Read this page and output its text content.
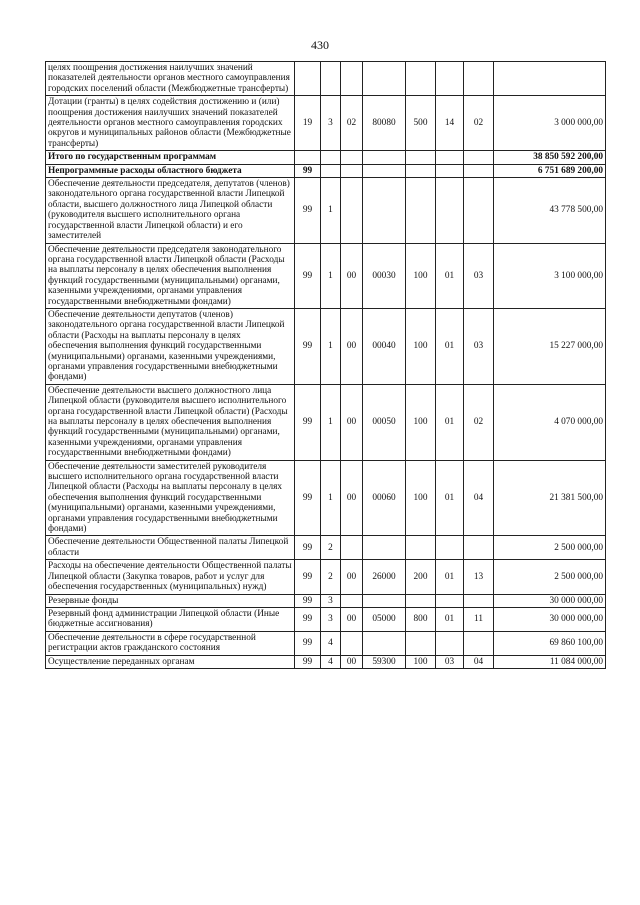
430
целях поощрения достижения наилучших значений показателей деятельности органов местного самоуправления городских поселений области (Межбюджетные трансферты)								
Дотации (гранты) в целях содействия достижению и (или) поощрения достижения наилучших значений показателей деятельности органов местного самоуправления городских округов и муниципальных районов области (Межбюджетные трансферты)	19	3	02	80080	500	14	02	3 000 000,00
Итого по государственным программам								38 850 592 200,00
Непрограммные расходы областного бюджета	99							6 751 689 200,00
Обеспечение деятельности председателя, депутатов (членов) законодательного органа государственной власти Липецкой области, высшего должностного лица Липецкой области (руководителя высшего исполнительного органа государственной власти Липецкой области) и его заместителей	99	1						43 778 500,00
Обеспечение деятельности председателя законодательного органа государственной власти Липецкой области (Расходы на выплаты персоналу в целях обеспечения выполнения функций государственными (муниципальными) органами, казенными учреждениями, органами управления государственными внебюджетными фондами)	99	1	00	00030	100	01	03	3 100 000,00
Обеспечение деятельности депутатов (членов) законодательного органа государственной власти Липецкой области (Расходы на выплаты персоналу в целях обеспечения выполнения функций государственными (муниципальными) органами, казенными учреждениями, органами управления государственными внебюджетными фондами)	99	1	00	00040	100	01	03	15 227 000,00
Обеспечение деятельности высшего должностного лица Липецкой области (руководителя высшего исполнительного органа государственной власти Липецкой области) (Расходы на выплаты персоналу в целях обеспечения выполнения функций государственными (муниципальными) органами, казенными учреждениями, органами управления государственными внебюджетными фондами)	99	1	00	00050	100	01	02	4 070 000,00
Обеспечение деятельности заместителей руководителя высшего исполнительного органа государственной власти Липецкой области (Расходы на выплаты персоналу в целях обеспечения выполнения функций государственными (муниципальными) органами, казенными учреждениями, органами управления государственными внебюджетными фондами)	99	1	00	00060	100	01	04	21 381 500,00
Обеспечение деятельности Общественной палаты Липецкой области	99	2						2 500 000,00
Расходы на обеспечение деятельности Общественной палаты Липецкой области (Закупка товаров, работ и услуг для обеспечения государственных (муниципальных) нужд)	99	2	00	26000	200	01	13	2 500 000,00
Резервные фонды	99	3						30 000 000,00
Резервный фонд администрации Липецкой области (Иные бюджетные ассигнования)	99	3	00	05000	800	01	11	30 000 000,00
Обеспечение деятельности в сфере государственной регистрации актов гражданского состояния	99	4						69 860 100,00
Осуществление переданных органам	99	4	00	59300	100	03	04	11 084 000,00
